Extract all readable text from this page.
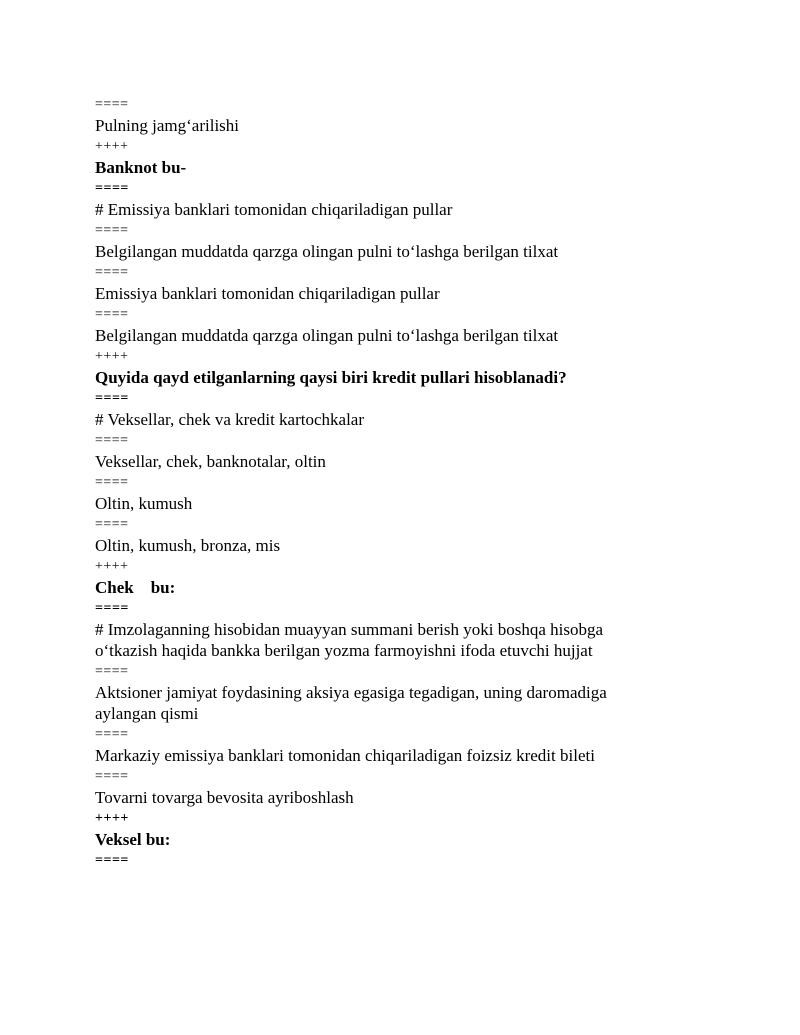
====
Pulning jamg‘arilishi
++++
Banknot bu-
====
# Emissiya banklari tomonidan chiqariladigan pullar
====
Belgilangan muddatda qarzga olingan pulni to‘lashga berilgan tilxat
====
Emissiya banklari tomonidan chiqariladigan pullar
====
Belgilangan muddatda qarzga olingan pulni to‘lashga berilgan tilxat
++++
Quyida qayd etilganlarning qaysi biri kredit pullari hisoblanadi?
====
# Veksellar, chek va kredit kartochkalar
====
Veksellar, chek, banknotalar, oltin
====
Oltin, kumush
====
Oltin, kumush, bronza, mis
++++
Chek    bu:
====
# Imzolaganning hisobidan muayyan summani berish yoki boshqa hisobga
o‘tkazish haqida bankka berilgan yozma farmoyishni ifoda etuvchi hujjat
====
Aktsioner jamiyat foydasining aksiya egasiga tegadigan, uning daromadiga
aylangan qismi
====
Markaziy emissiya banklari tomonidan chiqariladigan foizsiz kredit bileti
====
Tovarni tovarga bevosita ayriboshlash
++++
Veksel bu:
====
